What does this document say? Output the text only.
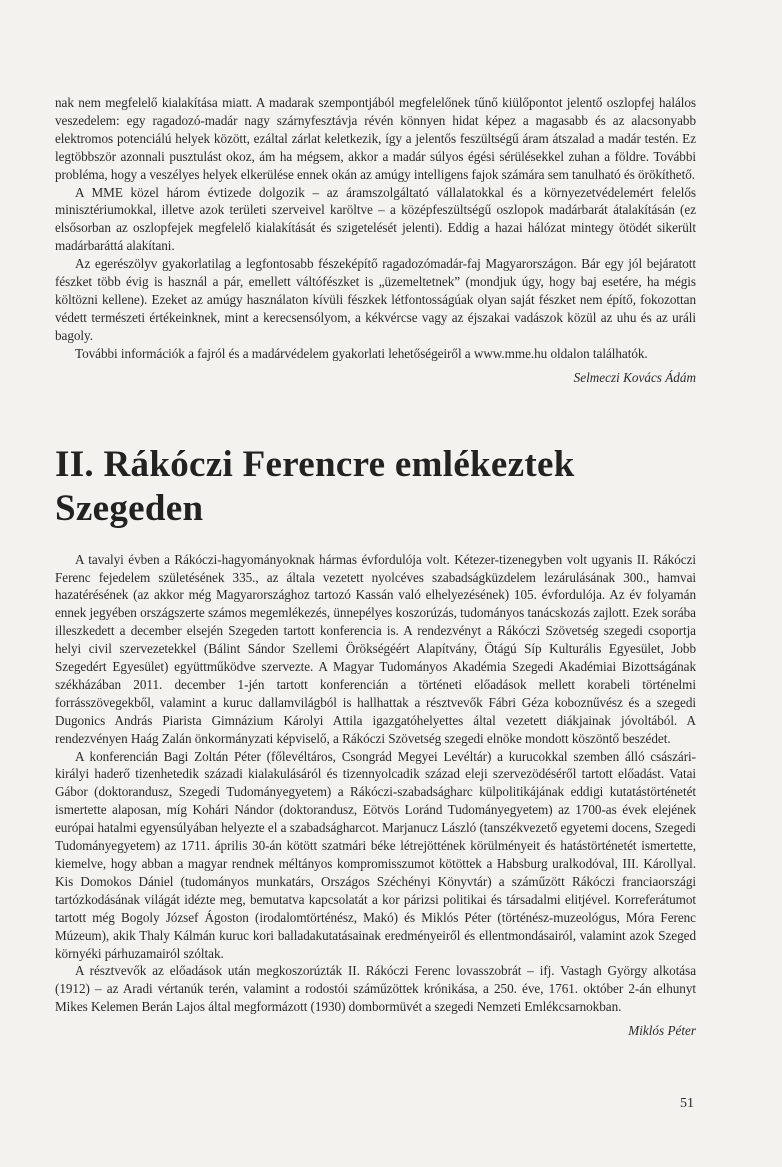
nak nem megfelelő kialakítása miatt. A madarak szempontjából megfelelőnek tűnő kiülőpontot jelentő oszlopfej halálos veszedelem: egy ragadozó-madár nagy szárnyfesztávja révén könnyen hidat képez a magasabb és az alacsonyabb elektromos potenciálú helyek között, ezáltal zárlat keletkezik, így a jelentős feszültségű áram átszalad a madár testén. Ez legtöbbször azonnali pusztulást okoz, ám ha mégsem, akkor a madár súlyos égési sérülésekkel zuhan a földre. További probléma, hogy a veszélyes helyek elkerülése ennek okán az amúgy intelligens fajok számára sem tanulható és örökíthető.

A MME közel három évtizede dolgozik – az áramszolgáltató vállalatokkal és a környezetvédelemért felelős minisztériumokkal, illetve azok területi szerveivel karöltve – a középfeszültségű oszlopok madárbarát átalakításán (ez elsősorban az oszlopfejek megfelelő kialakítását és szigetelését jelenti). Eddig a hazai hálózat mintegy ötödét sikerült madárbaráttá alakítani.

Az egerészölyv gyakorlatilag a legfontosabb fészeképítő ragadozómadár-faj Magyarországon. Bár egy jól bejáratott fészket több évig is használ a pár, emellett váltófészket is „üzemeltetnek” (mondjuk úgy, hogy baj esetére, ha mégis költözni kellene). Ezeket az amúgy használaton kívüli fészkek létfontosságúak olyan saját fészket nem építő, fokozottan védett természeti értékeinknek, mint a kerecsensólyom, a kékvércse vagy az éjszakai vadászok közül az uhu és az uráli bagoly.

További információk a fajról és a madárvédelem gyakorlati lehetőségeiről a www.mme.hu oldalon találhatók.

Selmeczi Kovács Ádám
II. Rákóczi Ferencre emlékeztek Szegeden

A tavalyi évben a Rákóczi-hagyományoknak hármas évfordulója volt. Kétezer-tizenegyben volt ugyanis II. Rákóczi Ferenc fejedelem születésének 335., az általa vezetett nyolcéves szabadságküzdelem lezárulásának 300., hamvai hazatérésének (az akkor még Magyarországhoz tartozó Kassán való elhelyezésének) 105. évfordulója. Az év folyamán ennek jegyében országszerte számos megemlékezés, ünnepélyes koszorúzás, tudományos tanácskozás zajlott. Ezek sorába illeszkedett a december elsején Szegeden tartott konferencia is. A rendezvényt a Rákóczi Szövetség szegedi csoportja helyi civil szervezetekkel (Bálint Sándor Szellemi Örökségéért Alapítvány, Ötágú Síp Kulturális Egyesület, Jobb Szegedért Egyesület) együttműködve szervezte. A Magyar Tudományos Akadémia Szegedi Akadémiai Bizottságának székházában 2011. december 1-jén tartott konferencián a történeti előadások mellett korabeli történelmi forrásszövegekből, valamint a kuruc dallamvilágból is hallhattak a résztvevők Fábri Géza koboznűvész és a szegedi Dugonics András Piarista Gimnázium Károlyi Attila igazgatóhelyettes által vezetett diákjainak jóvoltából. A rendezvényen Haág Zalán önkormányzati képviselő, a Rákóczi Szövetség szegedi elnöke mondott köszöntő beszédet.

A konferencián Bagi Zoltán Péter (főlevéltáros, Csongrád Megyei Levéltár) a kurucokkal szemben álló császári-királyi haderő tizenhetedik századi kialakulásáról és tizennyolcadik század eleji szervezödéséről tartott előadást. Vatai Gábor (doktorandusz, Szegedi Tudományegyetem) a Rákóczi-szabadságharc külpolitikájának eddigi kutatástörténetét ismertette alaposan, míg Kohári Nándor (doktorandusz, Eötvös Loránd Tudományegyetem) az 1700-as évek elejének európai hatalmi egyensúlyában helyezte el a szabadságharcot. Marjanucz László (tanszékvezető egyetemi docens, Szegedi Tudományegyetem) az 1711. április 30-án kötött szatmári béke létrejöttének körülményeit és hatástörténetét ismertette, kiemelve, hogy abban a magyar rendnek méltányos kompromisszumot kötöttek a Habsburg uralkodóval, III. Károllyal. Kis Domokos Dániel (tudományos munkatárs, Országos Széchényi Könyvtár) a száműzött Rákóczi franciaországi tartózkodásának világát idézte meg, bemutatva kapcsolatát a kor párizsi politikai és társadalmi elitjével. Korreferátumot tartott még Bogoly József Ágoston (irodalomtörténész, Makó) és Miklós Péter (történész-muzeológus, Móra Ferenc Múzeum), akik Thaly Kálmán kuruc kori balladakutatásainak eredményeiről és ellentmondásairól, valamint azok Szeged környéki párhuzamairól szóltak.

A résztvevők az előadások után megkoszorúzták II. Rákóczi Ferenc lovasszobrát – ifj. Vastagh György alkotása (1912) – az Aradi vértanúk terén, valamint a rodostói száműzöttek krónikása, a 250. éve, 1761. október 2-án elhunyt Mikes Kelemen Berán Lajos által megformázott (1930) dombormüvét a szegedi Nemzeti Emlékcsarnokban.

Miklós Péter
51
